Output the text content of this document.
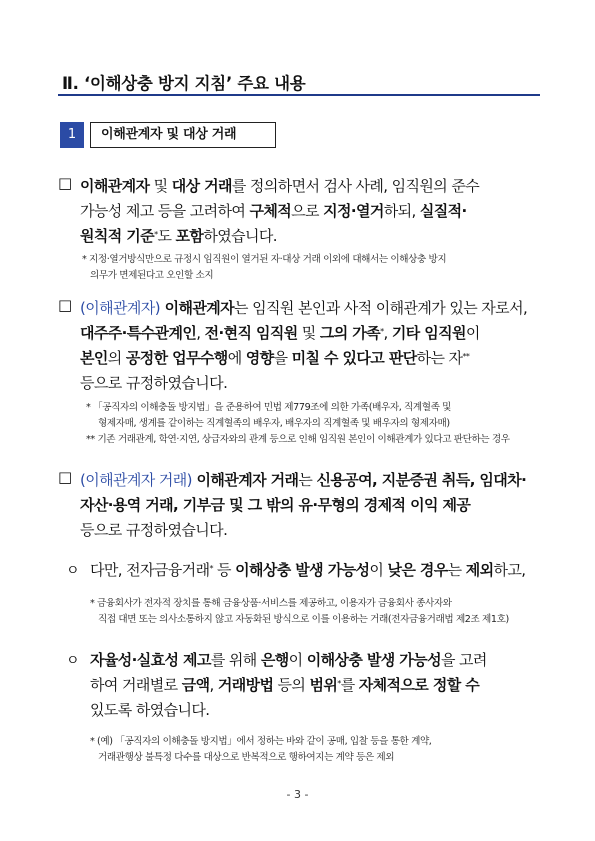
Ⅱ. ‘이해상충 방지 지침’ 주요 내용
1	이해관계자 및 대상 거래
□ 이해관계자 및 대상 거래를 정의하면서 검사 사례, 임직원의 준수
가능성 제고 등을 고려하여 구체적으로 지정·열거하되, 실질적·
원칙적 기준*도 포함하였습니다.
* 지정·열거방식만으로 규정시 임직원이 열거된 자·대상 거래 이외에 대해서는 이해상충 방지
의무가 면제된다고 오인할 소지
□ (이해관계자) 이해관계자는 임직원 본인과 사적 이해관계가 있는 자로서,
대주주·특수관계인, 전·현직 임직원 및 그의 가족*, 기타 임직원이
본인의 공정한 업무수행에 영향을 미칠 수 있다고 판단하는 자**
등으로 규정하였습니다.
* 「공직자의 이해충돌 방지법」을 준용하여 민법 제779조에 의한 가족(배우자, 직계혈족 및
형제자매, 생계를 같이하는 직계혈족의 배우자, 배우자의 직계혈족 및 배우자의 형제자매)
** 기존 거래관계, 학연·지연, 상급자와의 관계 등으로 인해 임직원 본인이 이해관계가 있다고 판단하는 경우
□ (이해관계자 거래) 이해관계자 거래는 신용공여, 지분증권 취득, 임대차·
자산·용역 거래, 기부금 및 그 밖의 유·무형의 경제적 이익 제공
등으로 규정하였습니다.
ㅇ 다만, 전자금융거래* 등 이해상충 발생 가능성이 낮은 경우는 제외하고,
* 금융회사가 전자적 장치를 통해 금융상품·서비스를 제공하고, 이용자가 금융회사 종사자와
직접 대면 또는 의사소통하지 않고 자동화된 방식으로 이를 이용하는 거래(전자금융거래법 제2조 제1호)
ㅇ 자율성·실효성 제고를 위해 은행이 이해상충 발생 가능성을 고려
하여 거래별로 금액, 거래방법 등의 범위*를 자체적으로 정할 수
있도록 하였습니다.
* (예) 「공직자의 이해충돌 방지법」에서 정하는 바와 같이 공매, 입찰 등을 통한 계약,
거래관행상 불특정 다수를 대상으로 반복적으로 행하여지는 계약 등은 제외
- 3 -
